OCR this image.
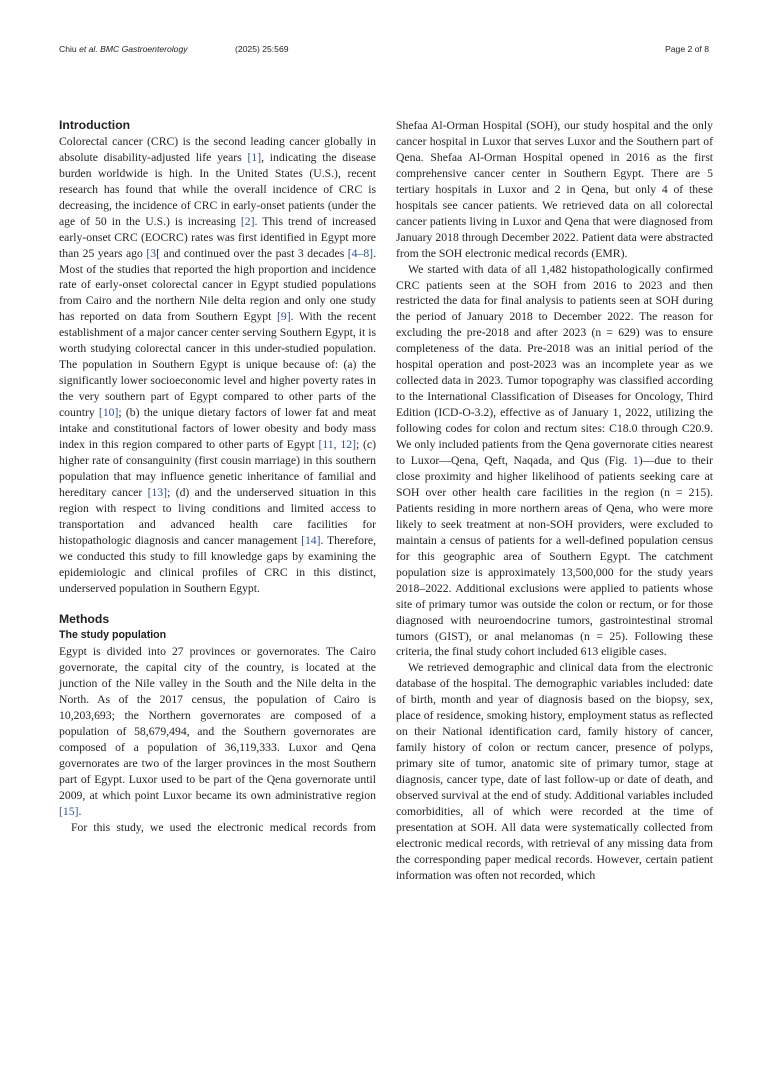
Chiu et al. BMC Gastroenterology	(2025) 25:569	Page 2 of 8
Introduction

Colorectal cancer (CRC) is the second leading cancer globally in absolute disability-adjusted life years [1], indicating the disease burden worldwide is high. In the United States (U.S.), recent research has found that while the overall incidence of CRC is decreasing, the incidence of CRC in early-onset patients (under the age of 50 in the U.S.) is increasing [2]. This trend of increased early-onset CRC (EOCRC) rates was first identified in Egypt more than 25 years ago [3[ and continued over the past 3 decades [4–8]. Most of the studies that reported the high proportion and incidence rate of early-onset colorectal cancer in Egypt studied populations from Cairo and the northern Nile delta region and only one study has reported on data from Southern Egypt [9]. With the recent establishment of a major cancer center serving Southern Egypt, it is worth studying colorectal cancer in this under-studied population. The population in Southern Egypt is unique because of: (a) the significantly lower socioeconomic level and higher poverty rates in the very southern part of Egypt compared to other parts of the country [10]; (b) the unique dietary factors of lower fat and meat intake and constitutional factors of lower obesity and body mass index in this region compared to other parts of Egypt [11, 12]; (c) higher rate of consanguinity (first cousin marriage) in this southern population that may influence genetic inheritance of familial and hereditary cancer [13]; (d) and the underserved situation in this region with respect to living conditions and limited access to transportation and advanced health care facilities for histopathologic diagnosis and cancer management [14]. Therefore, we conducted this study to fill knowledge gaps by examining the epidemiologic and clinical profiles of CRC in this distinct, underserved population in Southern Egypt.

Methods
The study population

Egypt is divided into 27 provinces or governorates. The Cairo governorate, the capital city of the country, is located at the junction of the Nile valley in the South and the Nile delta in the North. As of the 2017 census, the population of Cairo is 10,203,693; the Northern governorates are composed of a population of 58,679,494, and the Southern governorates are composed of a population of 36,119,333. Luxor and Qena governorates are two of the larger provinces in the most Southern part of Egypt. Luxor used to be part of the Qena governorate until 2009, at which point Luxor became its own administrative region [15].

For this study, we used the electronic medical records from

Shefaa Al-Orman Hospital (SOH), our study hospital and the only cancer hospital in Luxor that serves Luxor and the Southern part of Qena. Shefaa Al-Orman Hospital opened in 2016 as the first comprehensive cancer center in Southern Egypt. There are 5 tertiary hospitals in Luxor and 2 in Qena, but only 4 of these hospitals see cancer patients. We retrieved data on all colorectal cancer patients living in Luxor and Qena that were diagnosed from January 2018 through December 2022. Patient data were abstracted from the SOH electronic medical records (EMR).

We started with data of all 1,482 histopathologically confirmed CRC patients seen at the SOH from 2016 to 2023 and then restricted the data for final analysis to patients seen at SOH during the period of January 2018 to December 2022. The reason for excluding the pre-2018 and after 2023 (n = 629) was to ensure completeness of the data. Pre-2018 was an initial period of the hospital operation and post-2023 was an incomplete year as we collected data in 2023. Tumor topography was classified according to the International Classification of Diseases for Oncology, Third Edition (ICD-O-3.2), effective as of January 1, 2022, utilizing the following codes for colon and rectum sites: C18.0 through C20.9. We only included patients from the Qena governorate cities nearest to Luxor—Qena, Qeft, Naqada, and Qus (Fig. 1)—due to their close proximity and higher likelihood of patients seeking care at SOH over other health care facilities in the region (n = 215). Patients residing in more northern areas of Qena, who were more likely to seek treatment at non-SOH providers, were excluded to maintain a census of patients for a well-defined population census for this geographic area of Southern Egypt. The catchment population size is approximately 13,500,000 for the study years 2018–2022. Additional exclusions were applied to patients whose site of primary tumor was outside the colon or rectum, or for those diagnosed with neuroendocrine tumors, gastrointestinal stromal tumors (GIST), or anal melanomas (n = 25). Following these criteria, the final study cohort included 613 eligible cases.

We retrieved demographic and clinical data from the electronic database of the hospital. The demographic variables included: date of birth, month and year of diagnosis based on the biopsy, sex, place of residence, smoking history, employment status as reflected on their National identification card, family history of cancer, family history of colon or rectum cancer, presence of polyps, primary site of tumor, anatomic site of primary tumor, stage at diagnosis, cancer type, date of last follow-up or date of death, and observed survival at the end of study. Additional variables included comorbidities, all of which were recorded at the time of presentation at SOH. All data were systematically collected from electronic medical records, with retrieval of any missing data from the corresponding paper medical records. However, certain patient information was often not recorded, which
